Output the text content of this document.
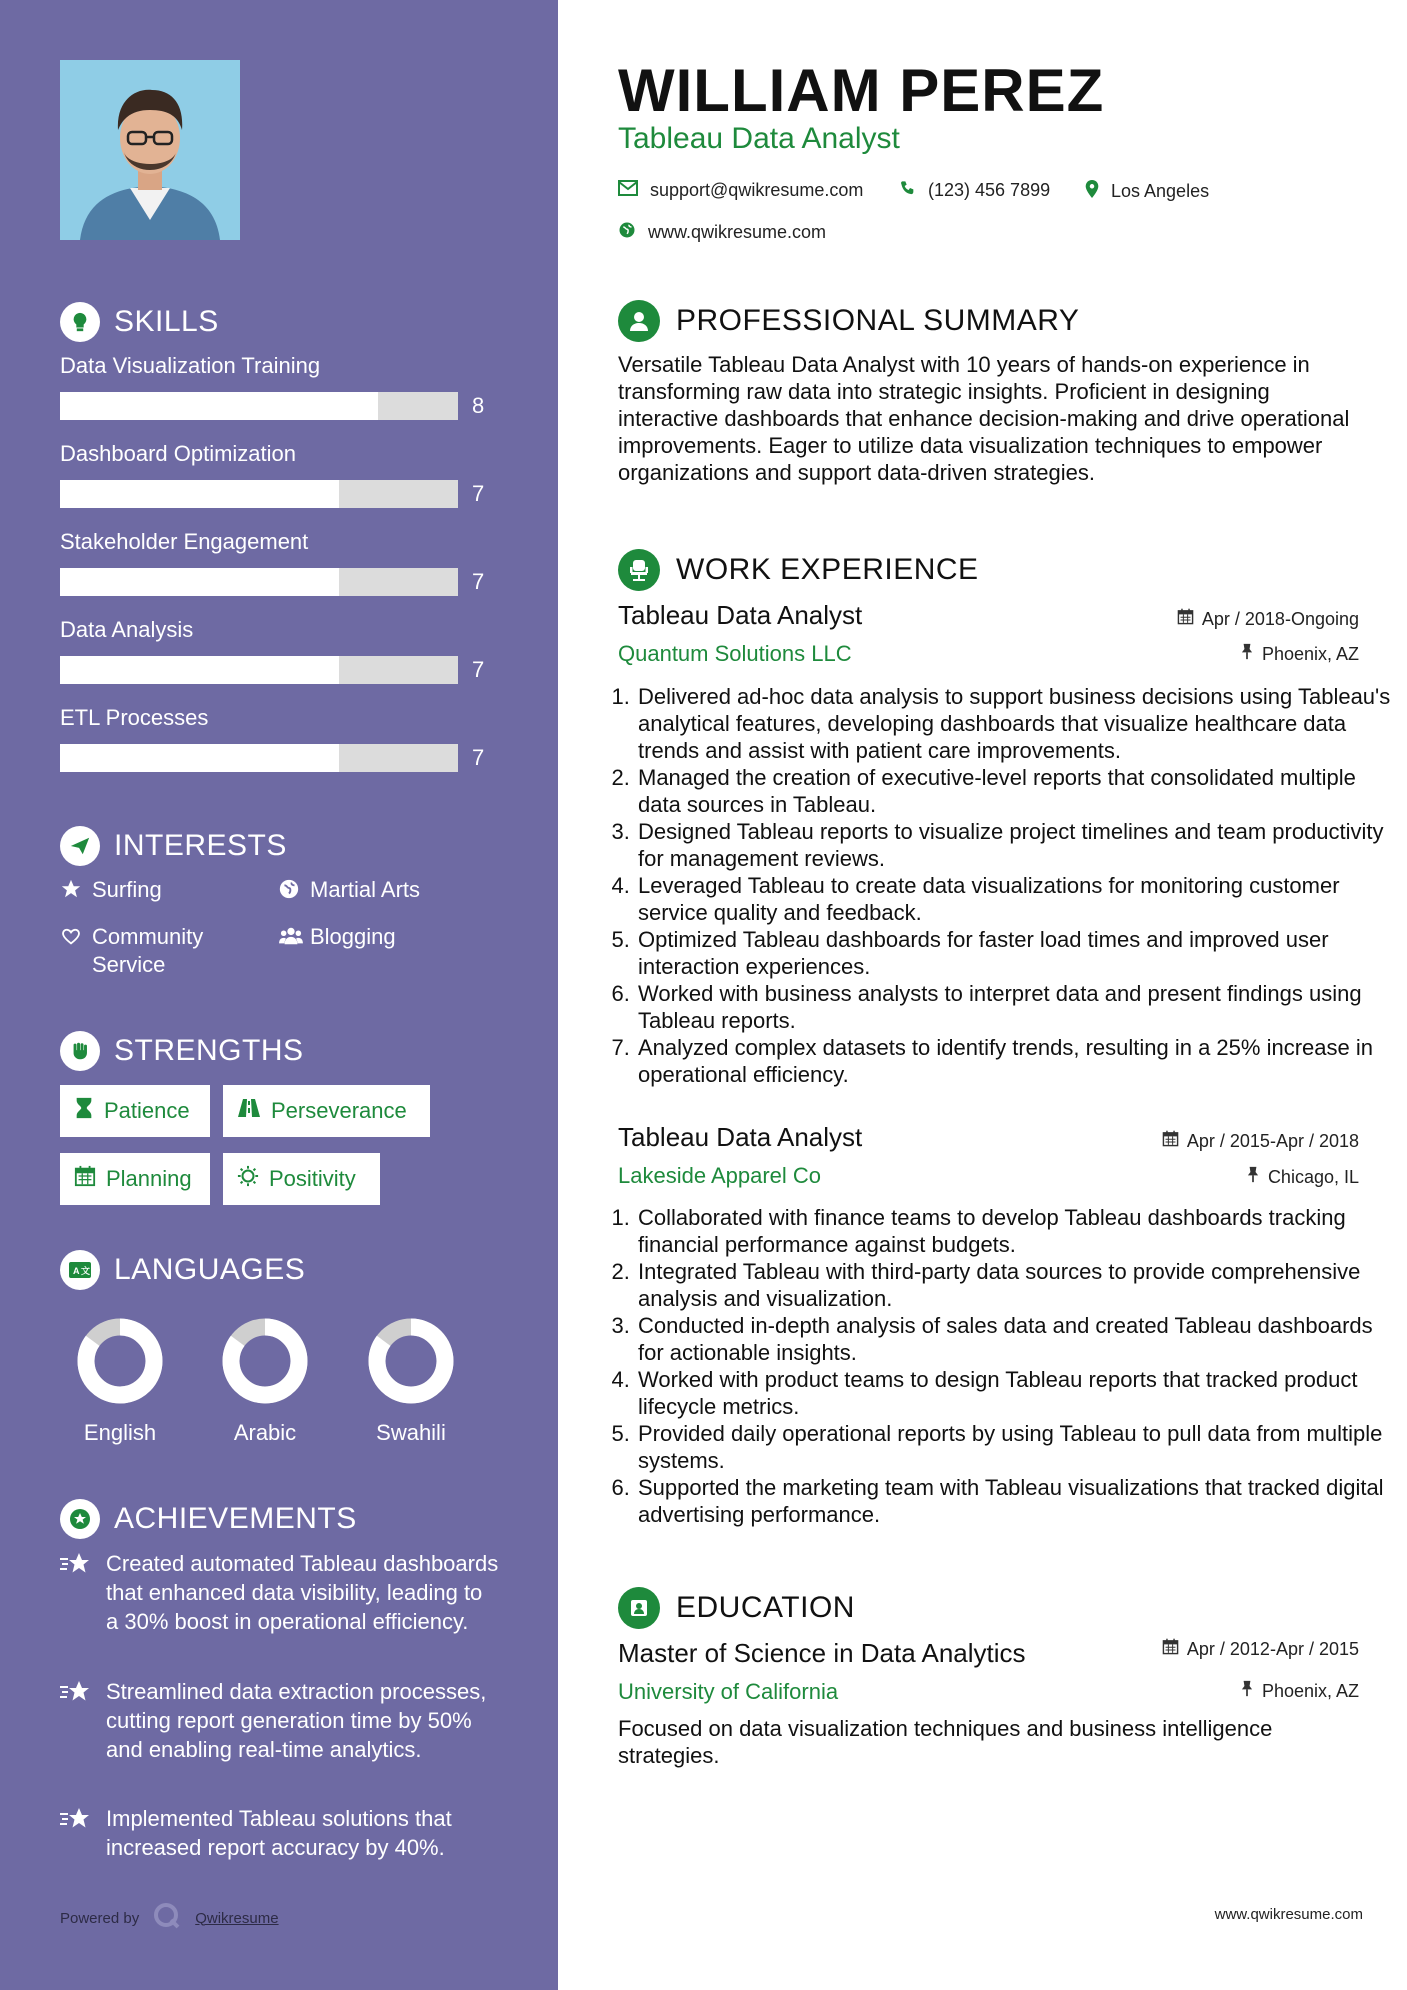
SKILLS
Data Visualization Training
8
Dashboard Optimization
7
Stakeholder Engagement
7
Data Analysis
7
ETL Processes
7
INTERESTS
Surfing	Martial Arts
Community Service
Blogging
STRENGTHS
Patience	Perseverance
Planning	Positivity
A 文 LANGUAGES
English	Arabic	Swahili
ACHIEVEMENTS
Created automated Tableau dashboards that enhanced data visibility, leading to a 30% boost in operational efficiency.
Streamlined data extraction processes, cutting report generation time by 50% and enabling real-time analytics.
Implemented Tableau solutions that increased report accuracy by 40%.
Powered by	Qwikresume
WILLIAM PEREZ
Tableau Data Analyst
support@qwikresume.com	(123) 456 7899	Los Angeles
www.qwikresume.com
PROFESSIONAL SUMMARY
Versatile Tableau Data Analyst with 10 years of hands-on experience in transforming raw data into strategic insights. Proficient in designing interactive dashboards that enhance decision-making and drive operational improvements. Eager to utilize data visualization techniques to empower organizations and support data-driven strategies.
WORK EXPERIENCE
Tableau Data Analyst	Apr / 2018-Ongoing
Quantum Solutions LLC	Phoenix, AZ
1. Delivered ad-hoc data analysis to support business decisions using Tableau's analytical features, developing dashboards that visualize healthcare data trends and assist with patient care improvements.
2. Managed the creation of executive-level reports that consolidated multiple data sources in Tableau.
3. Designed Tableau reports to visualize project timelines and team productivity for management reviews.
4. Leveraged Tableau to create data visualizations for monitoring customer service quality and feedback.
5. Optimized Tableau dashboards for faster load times and improved user interaction experiences.
6. Worked with business analysts to interpret data and present findings using Tableau reports.
7. Analyzed complex datasets to identify trends, resulting in a 25% increase in operational efficiency.
Tableau Data Analyst	Apr / 2015-Apr / 2018
Lakeside Apparel Co	Chicago, IL
1. Collaborated with finance teams to develop Tableau dashboards tracking financial performance against budgets.
2. Integrated Tableau with third-party data sources to provide comprehensive analysis and visualization.
3. Conducted in-depth analysis of sales data and created Tableau dashboards for actionable insights.
4. Worked with product teams to design Tableau reports that tracked product lifecycle metrics.
5. Provided daily operational reports by using Tableau to pull data from multiple systems.
6. Supported the marketing team with Tableau visualizations that tracked digital advertising performance.
EDUCATION
Master of Science in Data Analytics	Apr / 2012-Apr / 2015
University of California	Phoenix, AZ
Focused on data visualization techniques and business intelligence strategies.
www.qwikresume.com
